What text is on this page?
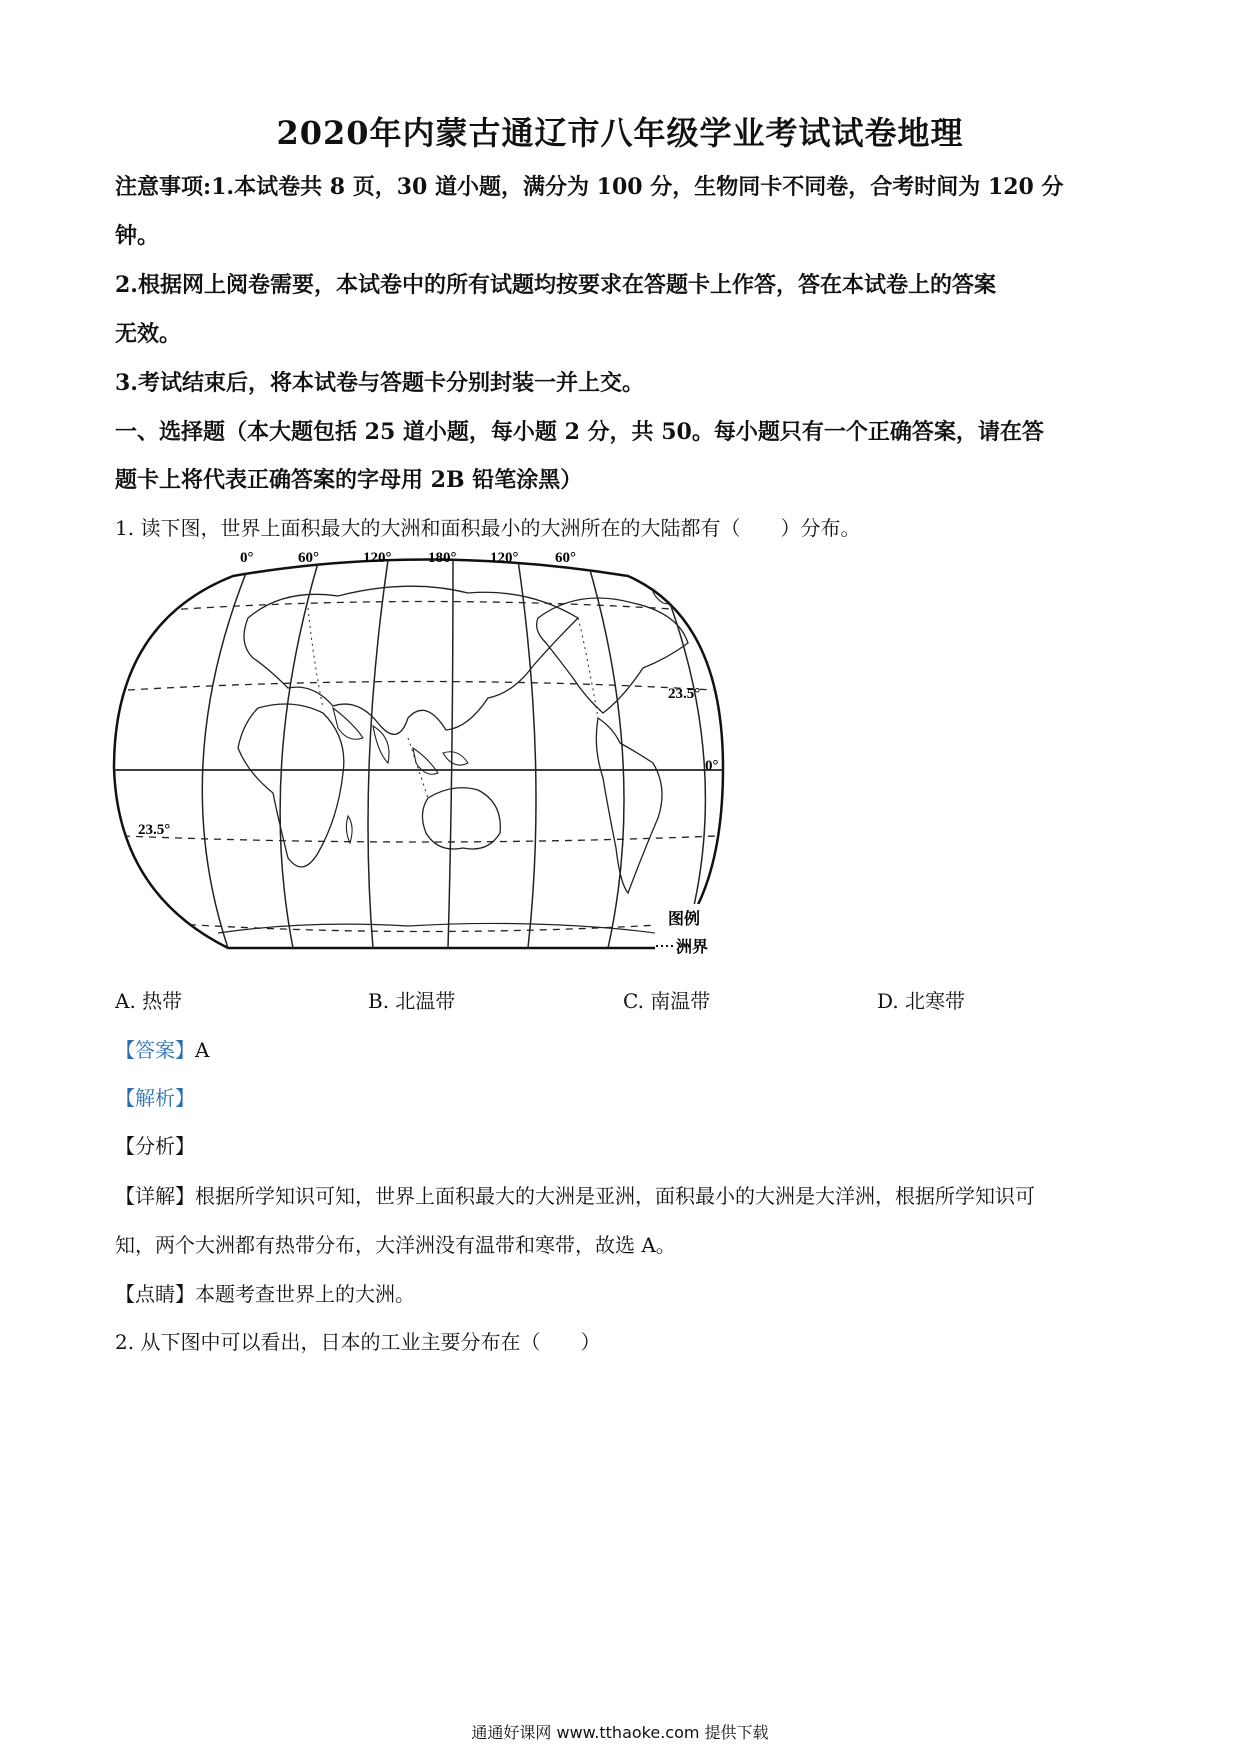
2020年内蒙古通辽市八年级学业考试试卷地理
注意事项:1.本试卷共 8 页，30 道小题，满分为 100 分，生物同卡不同卷，合考时间为 120 分
钟。
2.根据网上阅卷需要，本试卷中的所有试题均按要求在答题卡上作答，答在本试卷上的答案
无效。
3.考试结束后，将本试卷与答题卡分别封装一并上交。
一、选择题（本大题包括 25 道小题，每小题 2 分，共 50。每小题只有一个正确答案，请在答
题卡上将代表正确答案的字母用 2B 铅笔涂黑）
1. 读下图，世界上面积最大的大洲和面积最小的大洲所在的大陆都有（　　）分布。
0°	60°	120° 180° 120° 60°
23.5°
0°
23.5°
图例
洲界
A. 热带	B. 北温带	C. 南温带	D. 北寒带
【答案】A
【解析】
【分析】
【详解】根据所学知识可知，世界上面积最大的大洲是亚洲，面积最小的大洲是大洋洲，根据所学知识可
知，两个大洲都有热带分布，大洋洲没有温带和寒带，故选 A。
【点睛】本题考查世界上的大洲。
2. 从下图中可以看出，日本的工业主要分布在（　　）
通通好课网 www.tthaoke.com 提供下载
